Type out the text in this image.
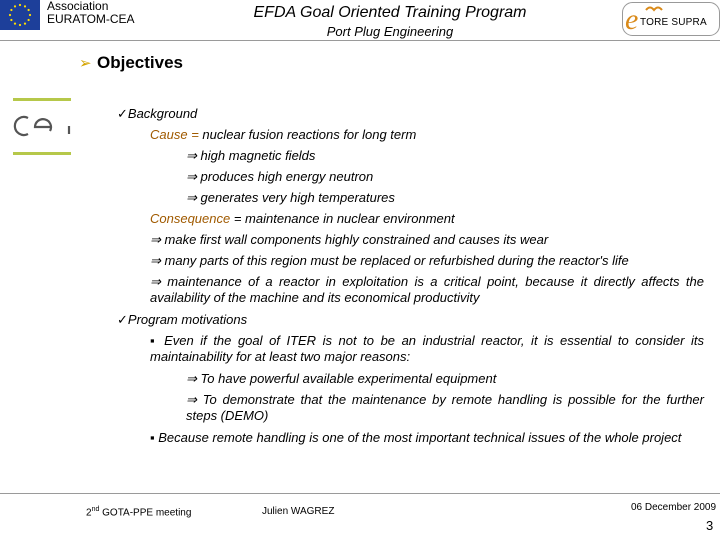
Association
EURATOM-CEA	EFDA Goal Oriented Training Program
Port Plug Engineering	e TORE SUPRA
➢ Objectives
✓Background
Cause = nuclear fusion reactions for long term
⇒ high magnetic fields
⇒ produces high energy neutron
⇒ generates very high temperatures
Consequence = maintenance in nuclear environment
⇒ make first wall components highly constrained and causes its wear
⇒ many parts of this region must be replaced or refurbished during the reactor's life
⇒ maintenance of a reactor in exploitation is a critical point, because it directly affects the availability of the machine and its economical productivity
✓Program motivations
▪ Even if the goal of ITER is not to be an industrial reactor, it is essential to consider its maintainability for at least two major reasons:
⇒ To have powerful available experimental equipment
⇒ To demonstrate that the maintenance by remote handling is possible for the further steps (DEMO)
▪ Because remote handling is one of the most important technical issues of the whole project
2nd GOTA-PPE meeting	Julien WAGREZ	06 December 2009
3
